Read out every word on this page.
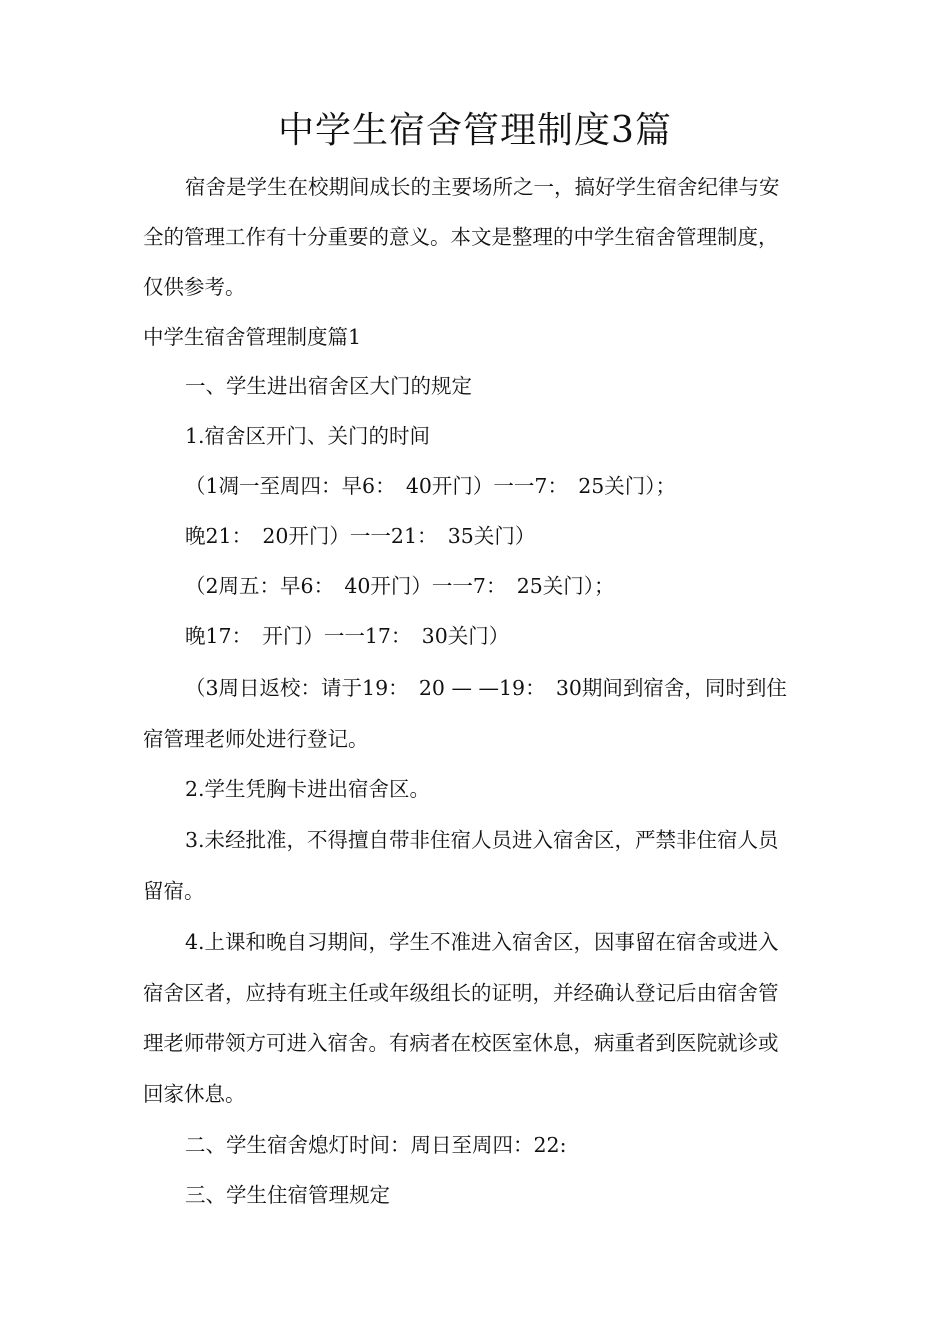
中学生宿舍管理制度3篇

宿舍是学生在校期间成长的主要场所之一，搞好学生宿舍纪律与安

全的管理工作有十分重要的意义。本文是整理的中学生宿舍管理制度，

仅供参考。

中学生宿舍管理制度篇1

一、学生进出宿舍区大门的规定

1.宿舍区开门、关门的时间

（1凋一至周四：早6：　40开门）一一7：　25关门）；

晚21：　20开门）一一21：　35关门）

（2周五：早6：　40开门）一一7：　25关门）；

晚17：　开门）一一17：　30关门）

（3周日返校：请于19：　20 — —19：　30期间到宿舍，同时到住

宿管理老师处进行登记。

2.学生凭胸卡进出宿舍区。

3.未经批准，不得擅自带非住宿人员进入宿舍区，严禁非住宿人员

留宿。

4.上课和晚自习期间，学生不准进入宿舍区，因事留在宿舍或进入

宿舍区者，应持有班主任或年级组长的证明，并经确认登记后由宿舍管

理老师带领方可进入宿舍。有病者在校医室休息，病重者到医院就诊或

回家休息。

二、学生宿舍熄灯时间：周日至周四：22:

三、学生住宿管理规定
